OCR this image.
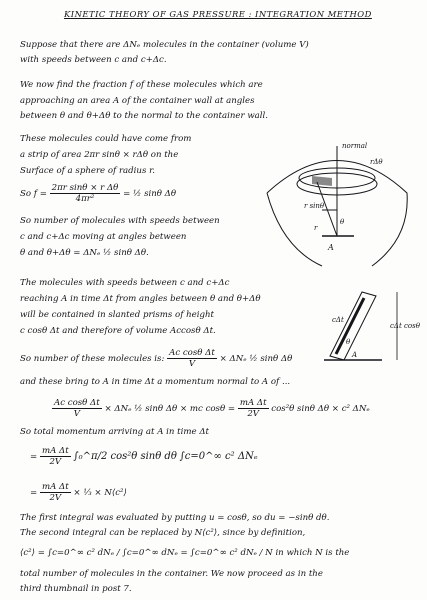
KINETIC THEORY OF GAS PRESSURE : INTEGRATION METHOD
Suppose that there are ΔNₑ molecules in the container (volume V)
with speeds between c and c+Δc.
We now find the fraction f of these molecules which are
approaching an area A of the container wall at angles
between θ and θ+Δθ to the normal to the container wall.
These molecules could have come from
a strip of area 2πr sinθ × rΔθ on the
Surface of a sphere of radius r.
So $f = \frac{\text{2πr sinθ × r Δθ}}{\text{4πr²}}$ = ½ sinθ Δθ
So number of molecules with speeds between
c and c+Δc moving at angles between
θ and θ+Δθ = ΔNₑ ½ sinθ Δθ.
normal
rΔθ
r sinθ
r
θ
A
The molecules with speeds between c and c+Δc
reaching A in time Δt from angles between θ and θ+Δθ
will be contained in slanted prisms of height
c cosθ Δt and therefore of volume Accosθ Δt.
cΔt
cΔt cosθ
θ
A
So number of these molecules is: $\frac{\text{Ac cosθ Δt}}{V} \times \Delta N_e$ ½ sinθ Δθ
and these bring to A in time Δt a momentum normal to A of ...
$\frac{\text{Ac cosθ Δt}}{V} \times \Delta N_e$ ½ sinθ Δθ × mc $\cos\theta = \frac{\text{mA Δt}}{2V} \cos^2\theta$ sinθ Δθ × c² ΔNₑ
So total momentum arriving at A in time Δt
= $\frac{\text{mA Δt}}{2V}$ ∫₀^π/2 cos²θ sinθ dθ ∫c=0^∞ c² ΔNₑ
= $\frac{\text{mA Δt}}{2V}$ × ⅓ × N⟨c²⟩
The first integral was evaluated by putting u = cosθ, so du = −sinθ dθ.
The second integral can be replaced by N⟨c²⟩, since by definition,
⟨c²⟩ = ∫c=0^∞ c² dNₑ / ∫c=0^∞ dNₑ = ∫c=0^∞ c² dNₑ / N in which N is the
total number of molecules in the container. We now proceed as in the
third thumbnail in post 7.
